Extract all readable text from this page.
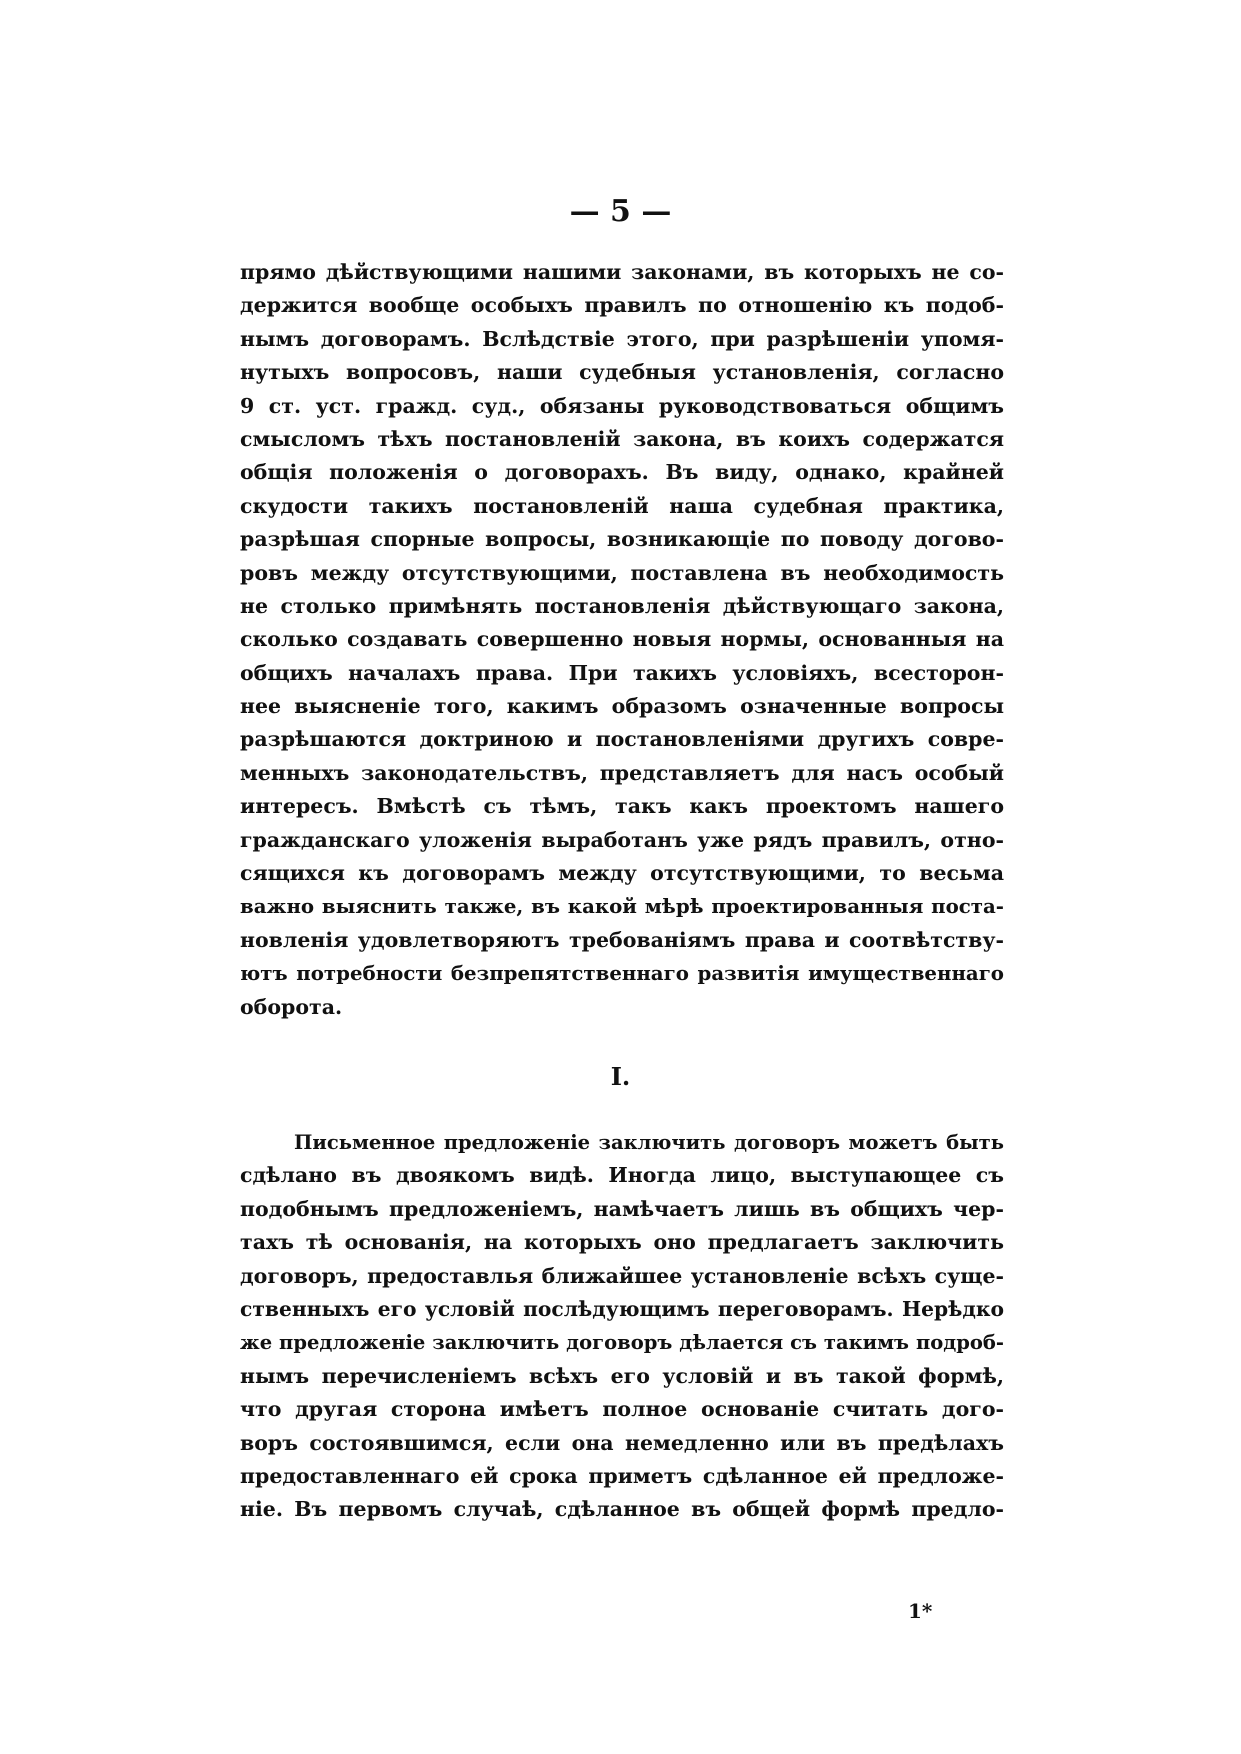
— 5 —
прямо дѣйствующими нашими законами, въ которыхъ не со-
держится вообще особыхъ правилъ по отношенію къ подоб-
нымъ договорамъ. Вслѣдствіе этого, при разрѣшеніи упомя-
нутыхъ вопросовъ, наши судебныя установленія, согласно
9 ст. уст. гражд. суд., обязаны руководствоваться общимъ
смысломъ тѣхъ постановленій закона, въ коихъ содержатся
общія положенія о договорахъ. Въ виду, однако, крайней
скудости такихъ постановленій наша судебная практика,
разрѣшая спорные вопросы, возникающіе по поводу догово-
ровъ между отсутствующими, поставлена въ необходимость
не столько примѣнять постановленія дѣйствующаго закона,
сколько создавать совершенно новыя нормы, основанныя на
общихъ началахъ права. При такихъ условіяхъ, всесторон-
нее выясненіе того, какимъ образомъ означенные вопросы
разрѣшаются доктриною и постановленіями другихъ совре-
менныхъ законодательствъ, представляетъ для насъ особый
интересъ. Вмѣстѣ съ тѣмъ, такъ какъ проектомъ нашего
гражданскаго уложенія выработанъ уже рядъ правилъ, отно-
сящихся къ договорамъ между отсутствующими, то весьма
важно выяснить также, въ какой мѣрѣ проектированныя поста-
новленія удовлетворяютъ требованіямъ права и соотвѣтству-
ютъ потребности безпрепятственнаго развитія имущественнаго
оборота.
I.
Письменное предложеніе заключить договоръ можетъ быть
сдѣлано въ двоякомъ видѣ. Иногда лицо, выступающее съ
подобнымъ предложеніемъ, намѣчаетъ лишь въ общихъ чер-
тахъ тѣ основанія, на которыхъ оно предлагаетъ заключить
договоръ, предоставлья ближайшее установленіе всѣхъ суще-
ственныхъ его условій послѣдующимъ переговорамъ. Нерѣдко
же предложеніе заключить договоръ дѣлается съ такимъ подроб-
нымъ перечисленіемъ всѣхъ его условій и въ такой формѣ,
что другая сторона имѣетъ полное основаніе считать дого-
воръ состоявшимся, если она немедленно или въ предѣлахъ
предоставленнаго ей срока приметъ сдѣланное ей предложе-
ніе. Въ первомъ случаѣ, сдѣланное въ общей формѣ предло-
1*
